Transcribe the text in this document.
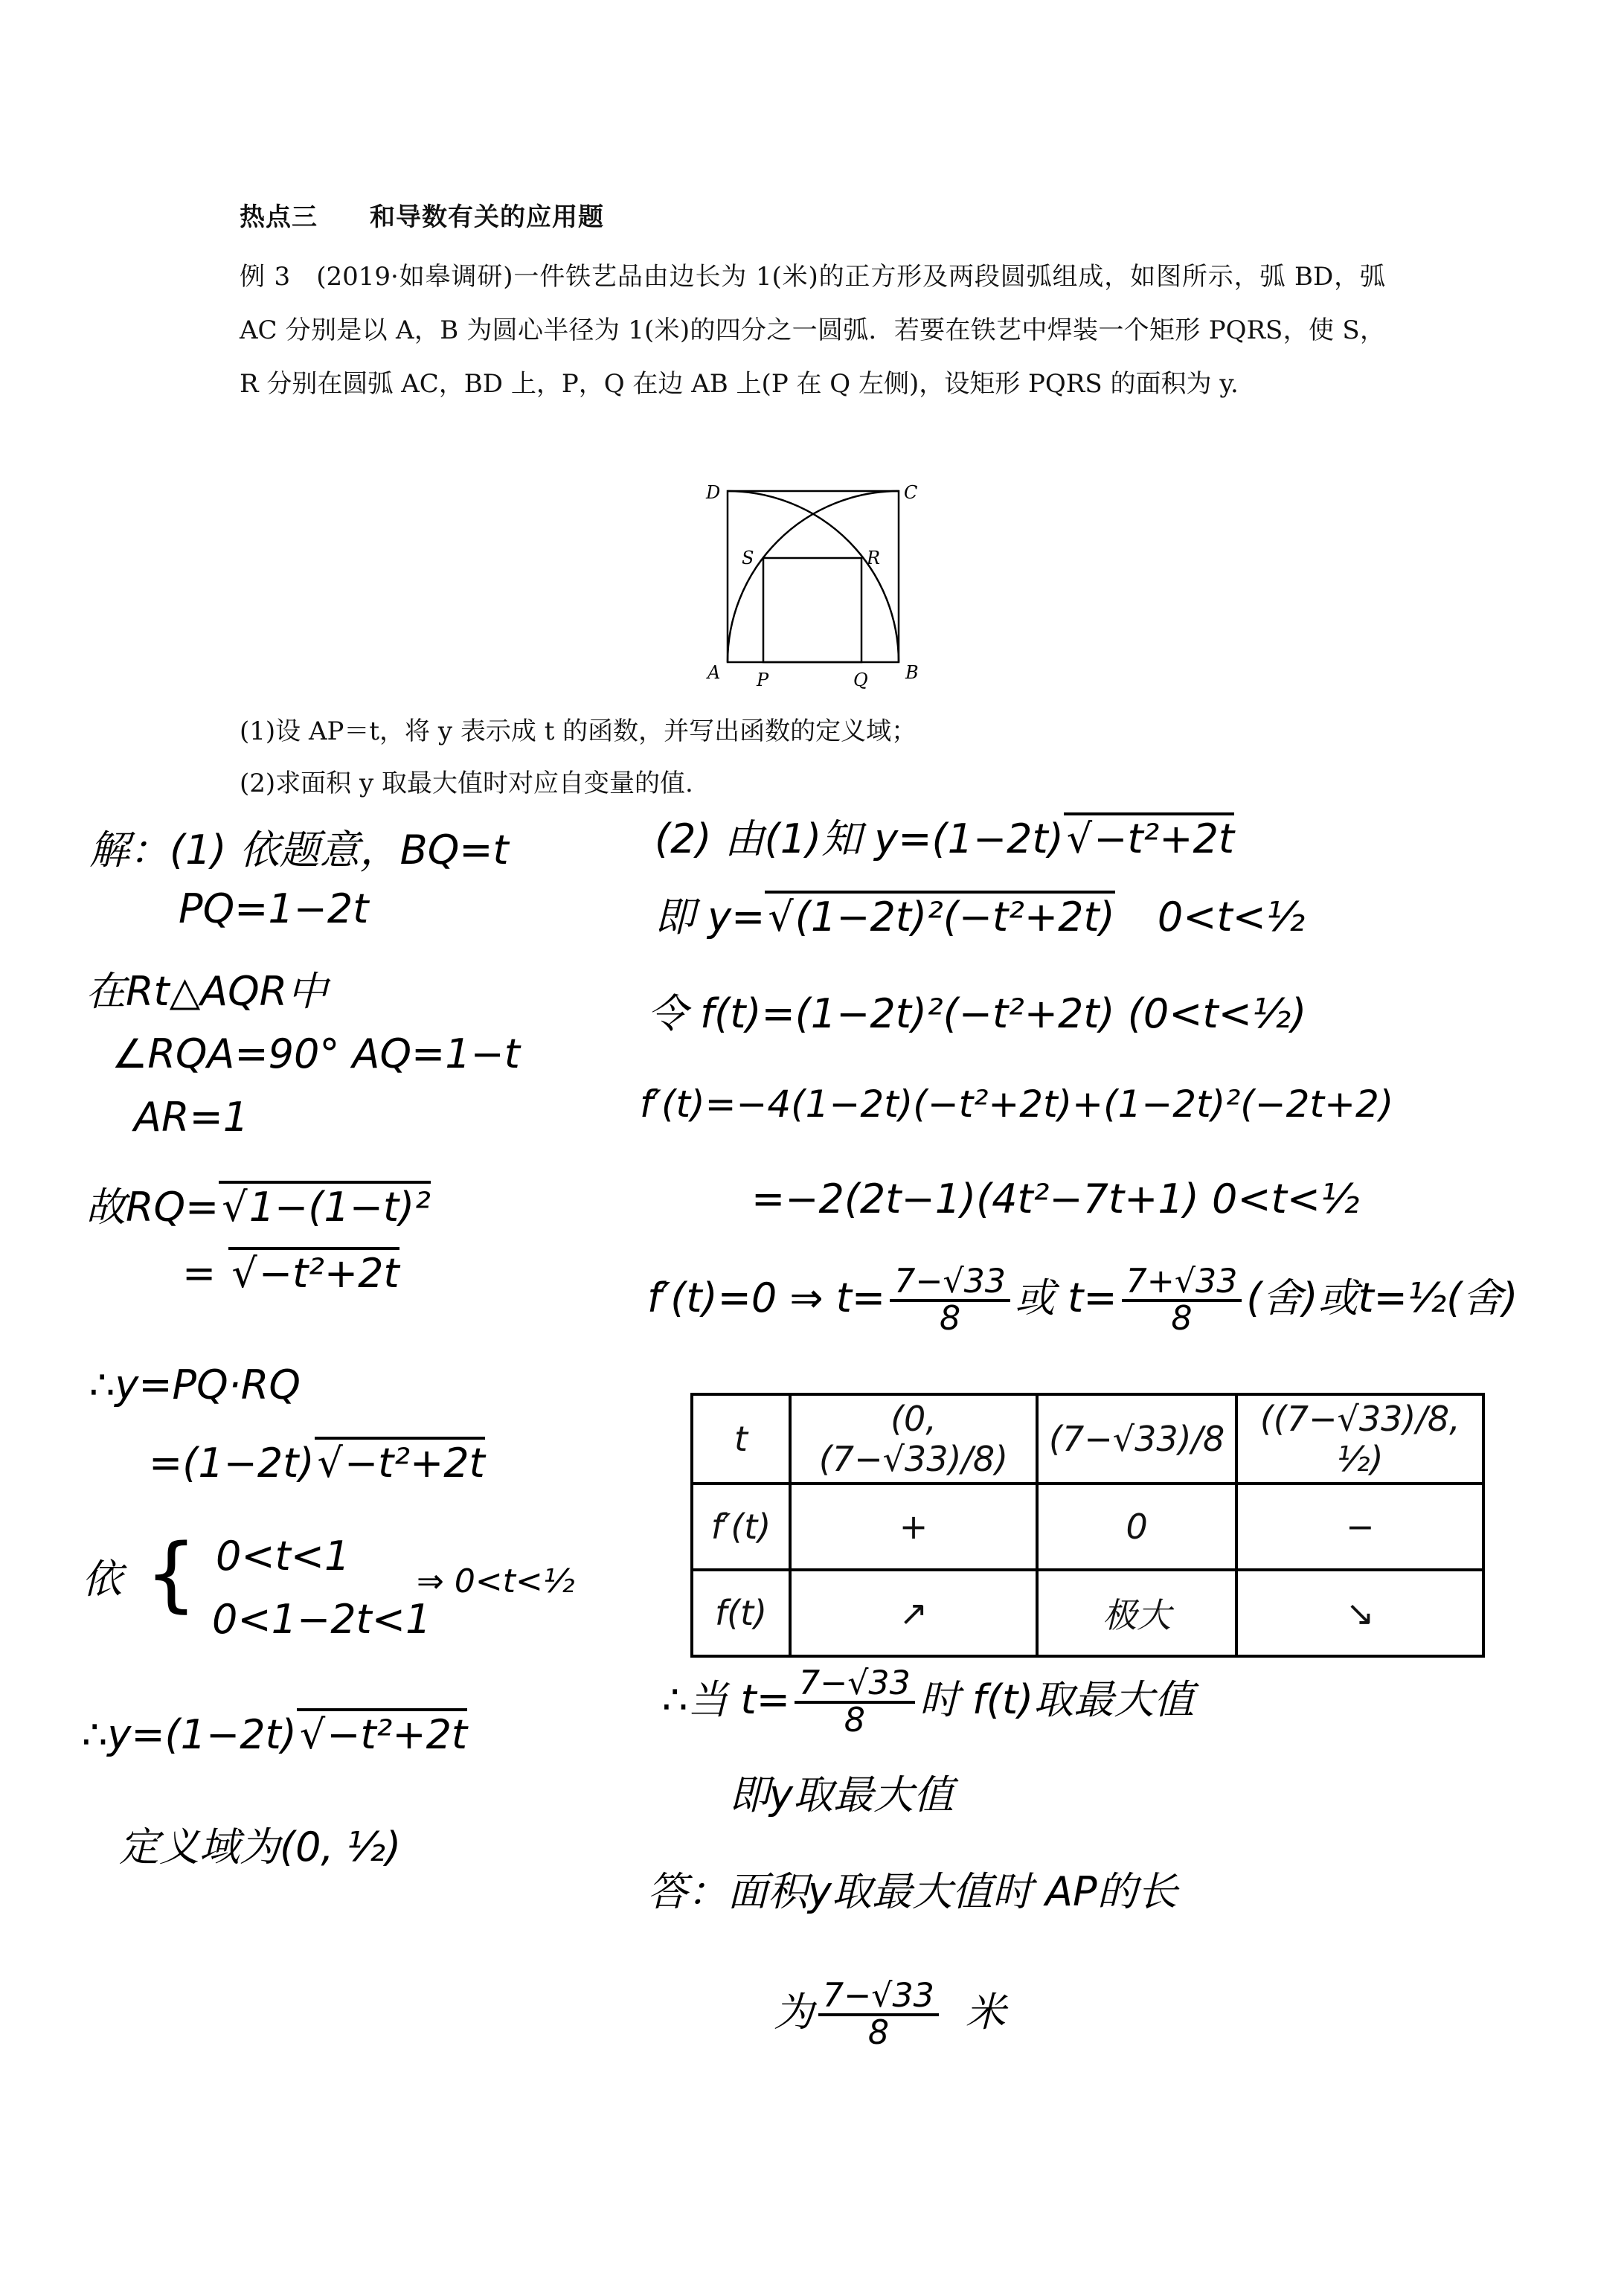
热点三　　和导数有关的应用题
例 3 (2019·如皋调研)一件铁艺品由边长为 1(米)的正方形及两段圆弧组成，如图所示，弧 BD，弧 AC 分别是以 A，B 为圆心半径为 1(米)的四分之一圆弧．若要在铁艺中焊装一个矩形 PQRS，使 S，R 分别在圆弧 AC，BD 上，P，Q 在边 AB 上(P 在 Q 左侧)，设矩形 PQRS 的面积为 y.
D	C
S	R
A P	Q B
(1)设 AP＝t，将 y 表示成 t 的函数，并写出函数的定义域；
(2)求面积 y 取最大值时对应自变量的值.
解：(1) 依题意，BQ=t
PQ=1−2t
在Rt△AQR中
∠RQA=90° AQ=1−t
AR=1
故RQ= √ 1−(1−t)²
= √ −t²+2t
∴y=PQ·RQ
=(1−2t) √ −t²+2t
依 { 0<t<1
0<1−2t<1
⇒ 0<t<½
∴y=(1−2t) √ −t²+2t
定义域为(0, ½)
(2) 由(1)知 y=(1−2t) √ −t²+2t
即 y= √ (1−2t)²(−t²+2t) 0<t<½
令 f(t)=(1−2t)²(−t²+2t) (0<t<½)
f′(t)=−4(1−2t)(−t²+2t)+(1−2t)²(−2t+2)
=−2(2t−1)(4t²−7t+1) 0<t<½
f′(t)=0 ⇒ $t= \frac{7-√33}{8}$ 或 $t= \frac{7+√33}{8}$ (舍)或t=½(舍)
t	(0, (7−√33)/8)	(7−√33)/8	((7−√33)/8, ½)
f′(t)	+	0	−
f(t)	↗	极大	↘
∴当 $t= \frac{7-√33}{8}$ 时 f(t)取最大值
即y取最大值
答：面积y取最大值时 AP的长
为 $\frac{7-√33}{8}$ 米
